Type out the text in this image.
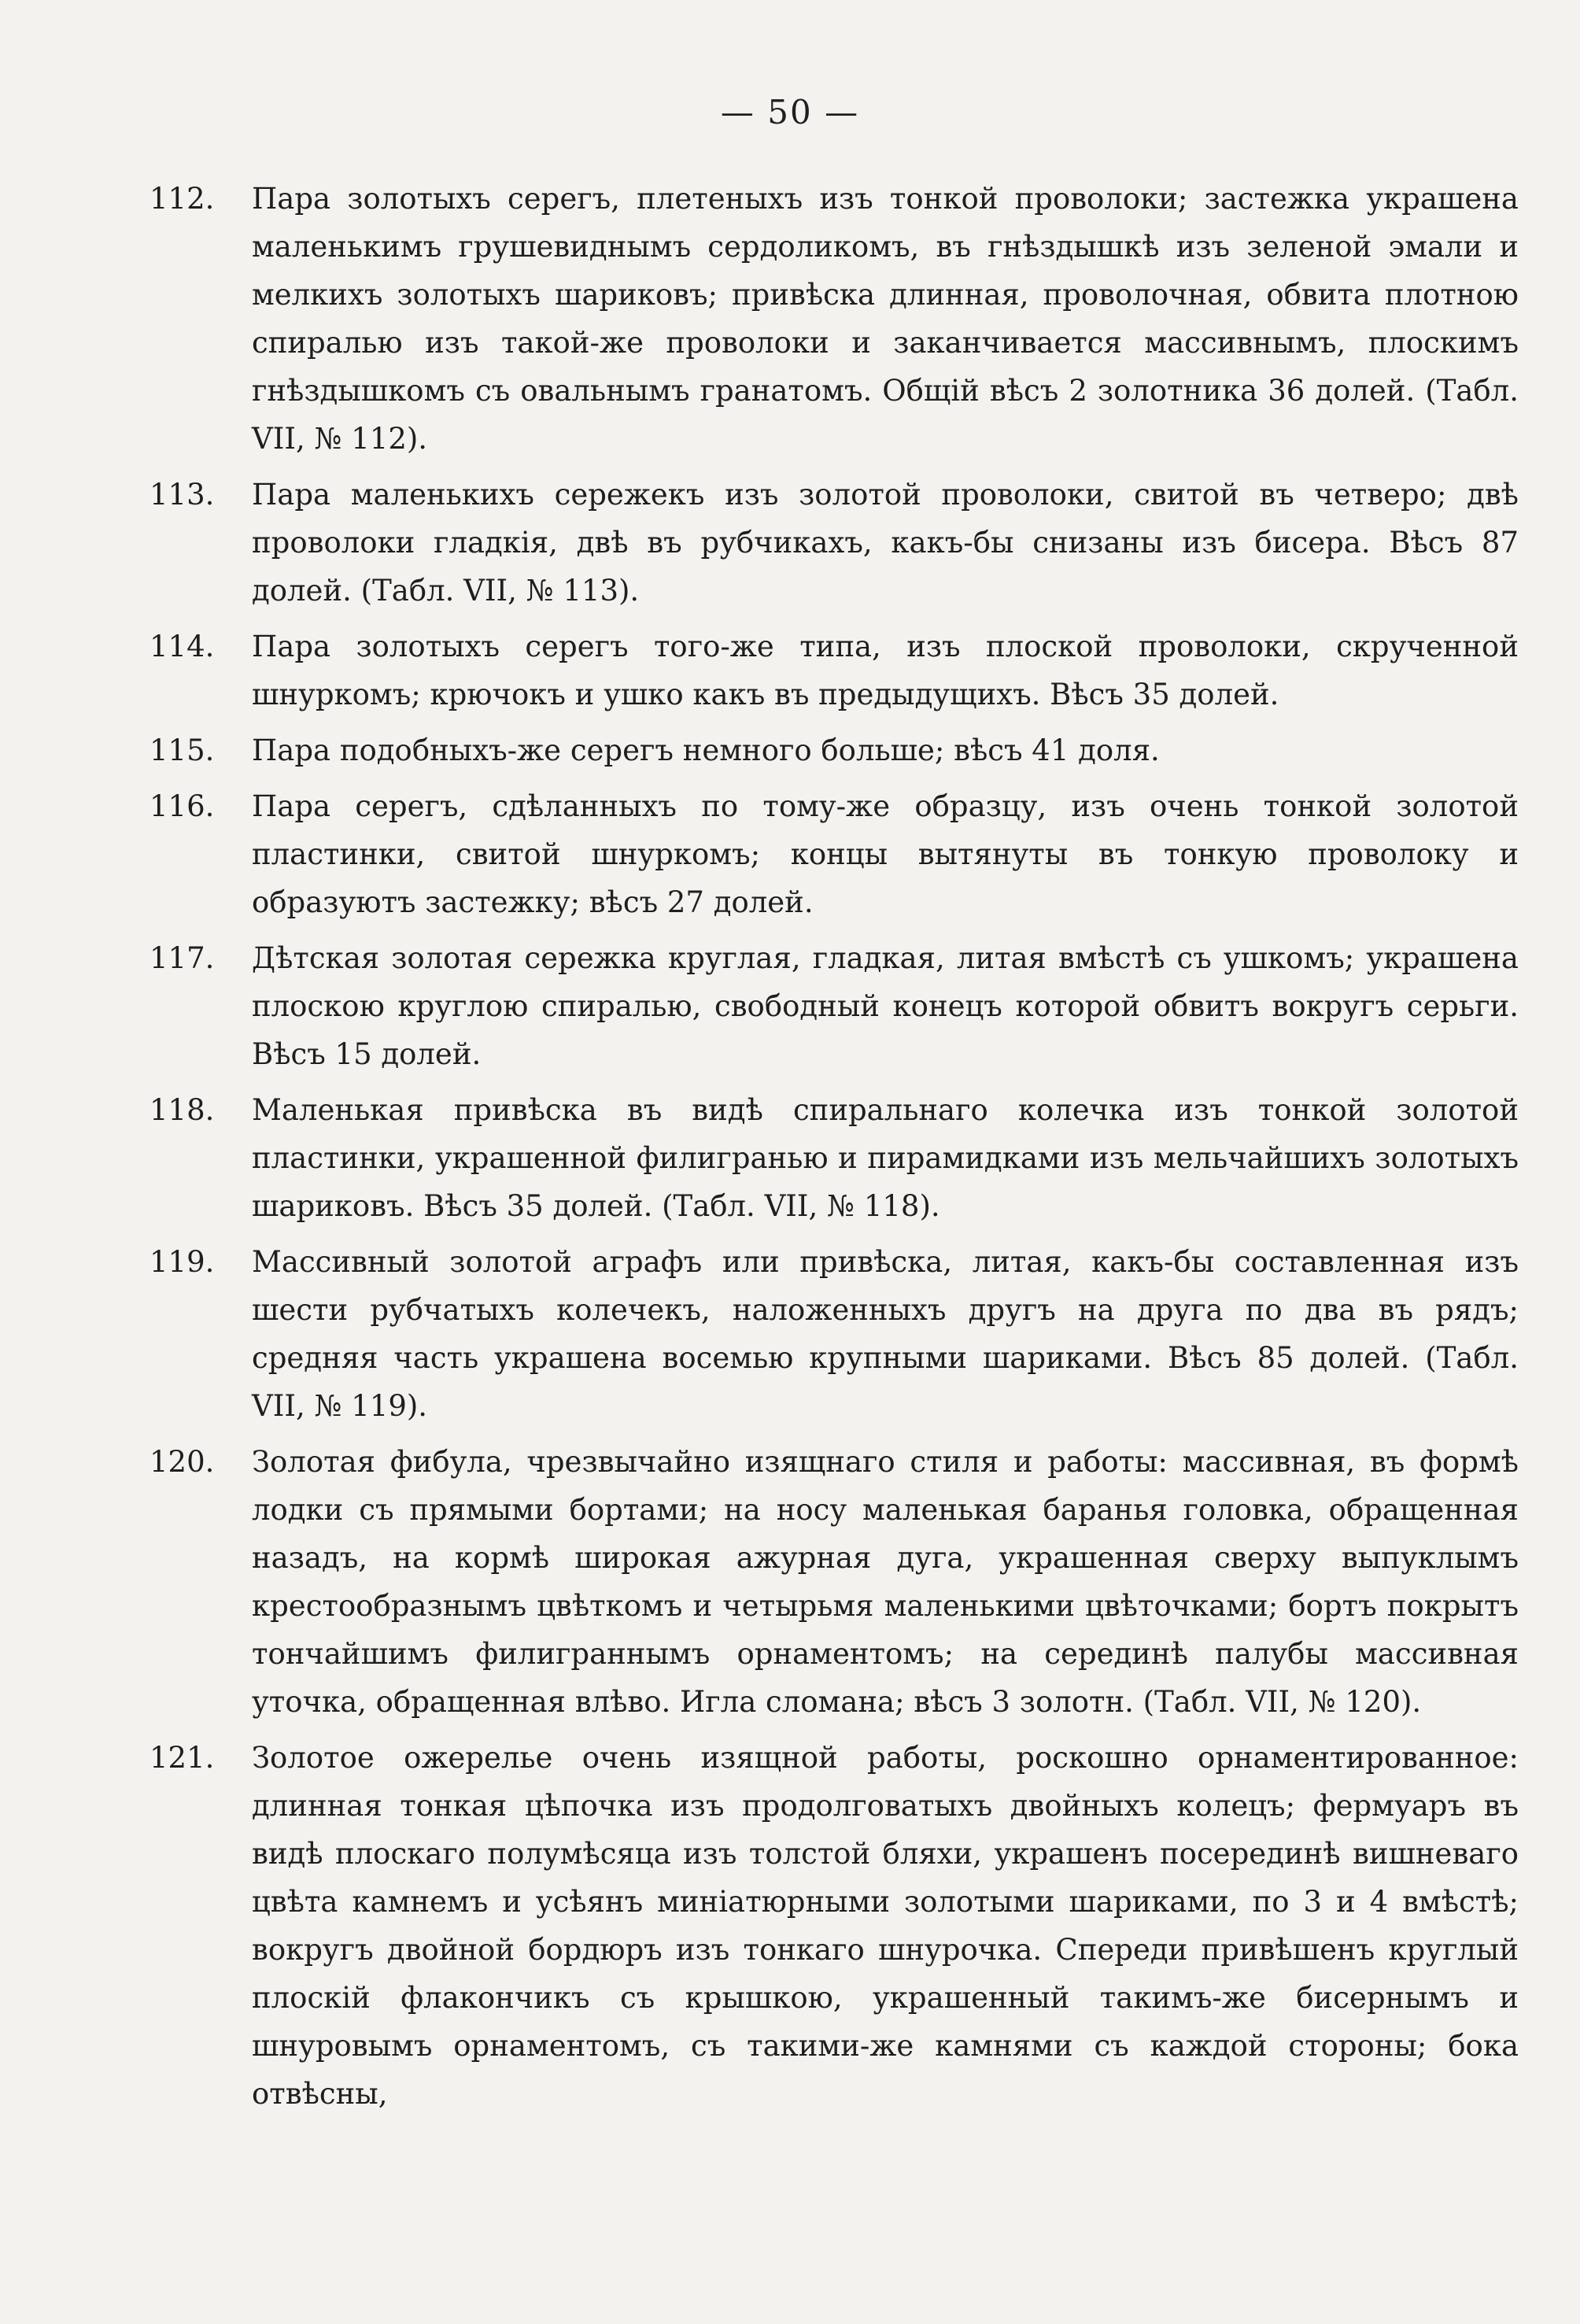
— 50 —
112.	Пара золотыхъ серегъ, плетеныхъ изъ тонкой проволоки; застежка украшена маленькимъ грушевиднымъ сердоликомъ, въ гнѣздышкѣ изъ зеленой эмали и мелкихъ золотыхъ шариковъ; привѣска длинная, проволочная, обвита плотною спиралью изъ такой-же проволоки и заканчивается массивнымъ, плоскимъ гнѣздышкомъ съ овальнымъ гранатомъ. Общій вѣсъ 2 золотника 36 долей. (Табл. VII, № 112).
113.	Пара маленькихъ сережекъ изъ золотой проволоки, свитой въ четверо; двѣ проволоки гладкія, двѣ въ рубчикахъ, какъ-бы снизаны изъ бисера. Вѣсъ 87 долей. (Табл. VII, № 113).
114.	Пара золотыхъ серегъ того-же типа, изъ плоской проволоки, скрученной шнуркомъ; крючокъ и ушко какъ въ предыдущихъ. Вѣсъ 35 долей.
115.	Пара подобныхъ-же серегъ немного больше; вѣсъ 41 доля.
116.	Пара серегъ, сдѣланныхъ по тому-же образцу, изъ очень тонкой золотой пластинки, свитой шнуркомъ; концы вытянуты въ тонкую проволоку и образуютъ застежку; вѣсъ 27 долей.
117.	Дѣтская золотая сережка круглая, гладкая, литая вмѣстѣ съ ушкомъ; украшена плоскою круглою спиралью, свободный конецъ которой обвитъ вокругъ серьги. Вѣсъ 15 долей.
118.	Маленькая привѣска въ видѣ спиральнаго колечка изъ тонкой золотой пластинки, украшенной филигранью и пирамидками изъ мельчайшихъ золотыхъ шариковъ. Вѣсъ 35 долей. (Табл. VII, № 118).
119.	Массивный золотой аграфъ или привѣска, литая, какъ-бы составленная изъ шести рубчатыхъ колечекъ, наложенныхъ другъ на друга по два въ рядъ; средняя часть украшена восемью крупными шариками. Вѣсъ 85 долей. (Табл. VII, № 119).
120.	Золотая фибула, чрезвычайно изящнаго стиля и работы: массивная, въ формѣ лодки съ прямыми бортами; на носу маленькая баранья головка, обращенная назадъ, на кормѣ широкая ажурная дуга, украшенная сверху выпуклымъ крестообразнымъ цвѣткомъ и четырьмя маленькими цвѣточками; бортъ покрытъ тончайшимъ филиграннымъ орнаментомъ; на серединѣ палубы массивная уточка, обращенная влѣво. Игла сломана; вѣсъ 3 золотн. (Табл. VII, № 120).
121.	Золотое ожерелье очень изящной работы, роскошно орнаментированное: длинная тонкая цѣпочка изъ продолговатыхъ двойныхъ колецъ; фермуаръ въ видѣ плоскаго полумѣсяца изъ толстой бляхи, украшенъ посерединѣ вишневаго цвѣта камнемъ и усѣянъ миніатюрными золотыми шариками, по 3 и 4 вмѣстѣ; вокругъ двойной бордюръ изъ тонкаго шнурочка. Спереди привѣшенъ круглый плоскій флакончикъ съ крышкою, украшенный такимъ-же бисернымъ и шнуровымъ орнаментомъ, съ такими-же камнями съ каждой стороны; бока отвѣсны,
